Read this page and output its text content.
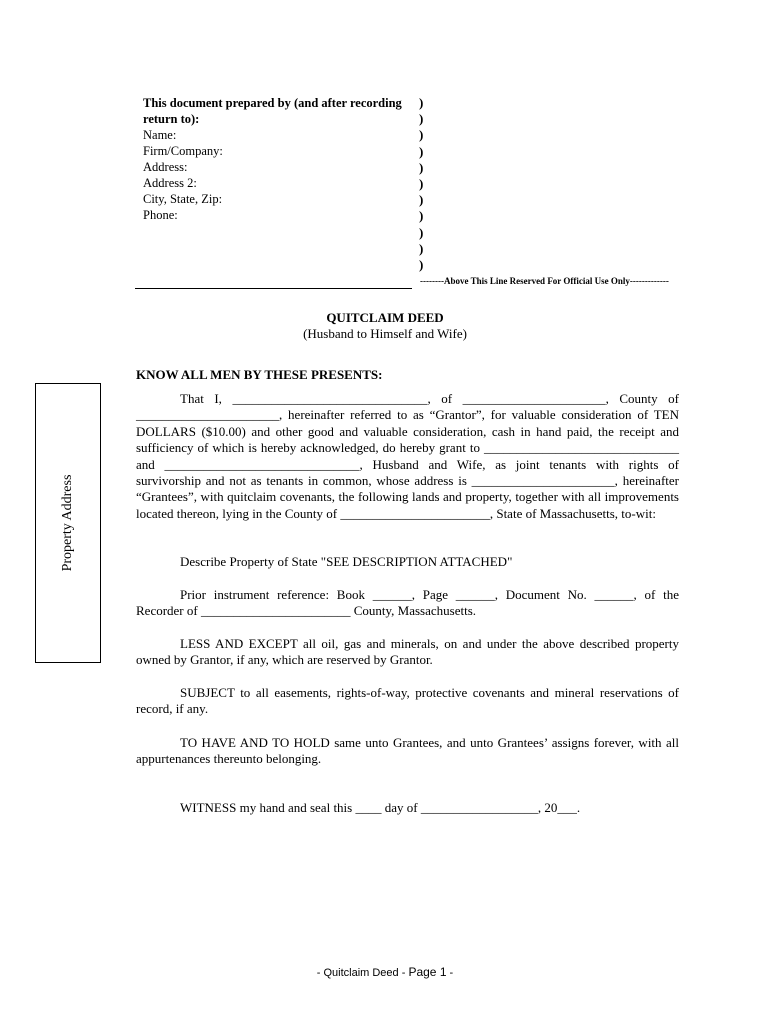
This document prepared by (and after recording
return to):
Name:
Firm/Company:
Address:
Address 2:
City, State, Zip:
Phone:
)
)
)
)
)
)
)
)
)
)
)
--------Above This Line Reserved For Official Use Only-------------
QUITCLAIM DEED
(Husband to Himself and Wife)
KNOW ALL MEN BY THESE PRESENTS:
Property Address
That I, ______________________________, of ______________________, County of ______________________, hereinafter referred to as “Grantor”, for valuable consideration of TEN DOLLARS ($10.00) and other good and valuable consideration, cash in hand paid, the receipt and sufficiency of which is hereby acknowledged, do hereby grant to ______________________________ and ______________________________, Husband and Wife, as joint tenants with rights of survivorship and not as tenants in common, whose address is ______________________, hereinafter “Grantees”, with quitclaim covenants, the following lands and property, together with all improvements located thereon, lying in the County of _______________________, State of Massachusetts, to-wit:
Describe Property of State "SEE DESCRIPTION ATTACHED"
Prior instrument reference: Book ______, Page ______, Document No. ______, of the Recorder of _______________________ County, Massachusetts.
LESS AND EXCEPT all oil, gas and minerals, on and under the above described property owned by Grantor, if any, which are reserved by Grantor.
SUBJECT to all easements, rights-of-way, protective covenants and mineral reservations of record, if any.
TO HAVE AND TO HOLD same unto Grantees, and unto Grantees’ assigns forever, with all appurtenances thereunto belonging.
WITNESS my hand and seal this ____ day of __________________, 20___.
- Quitclaim Deed - Page 1 -
